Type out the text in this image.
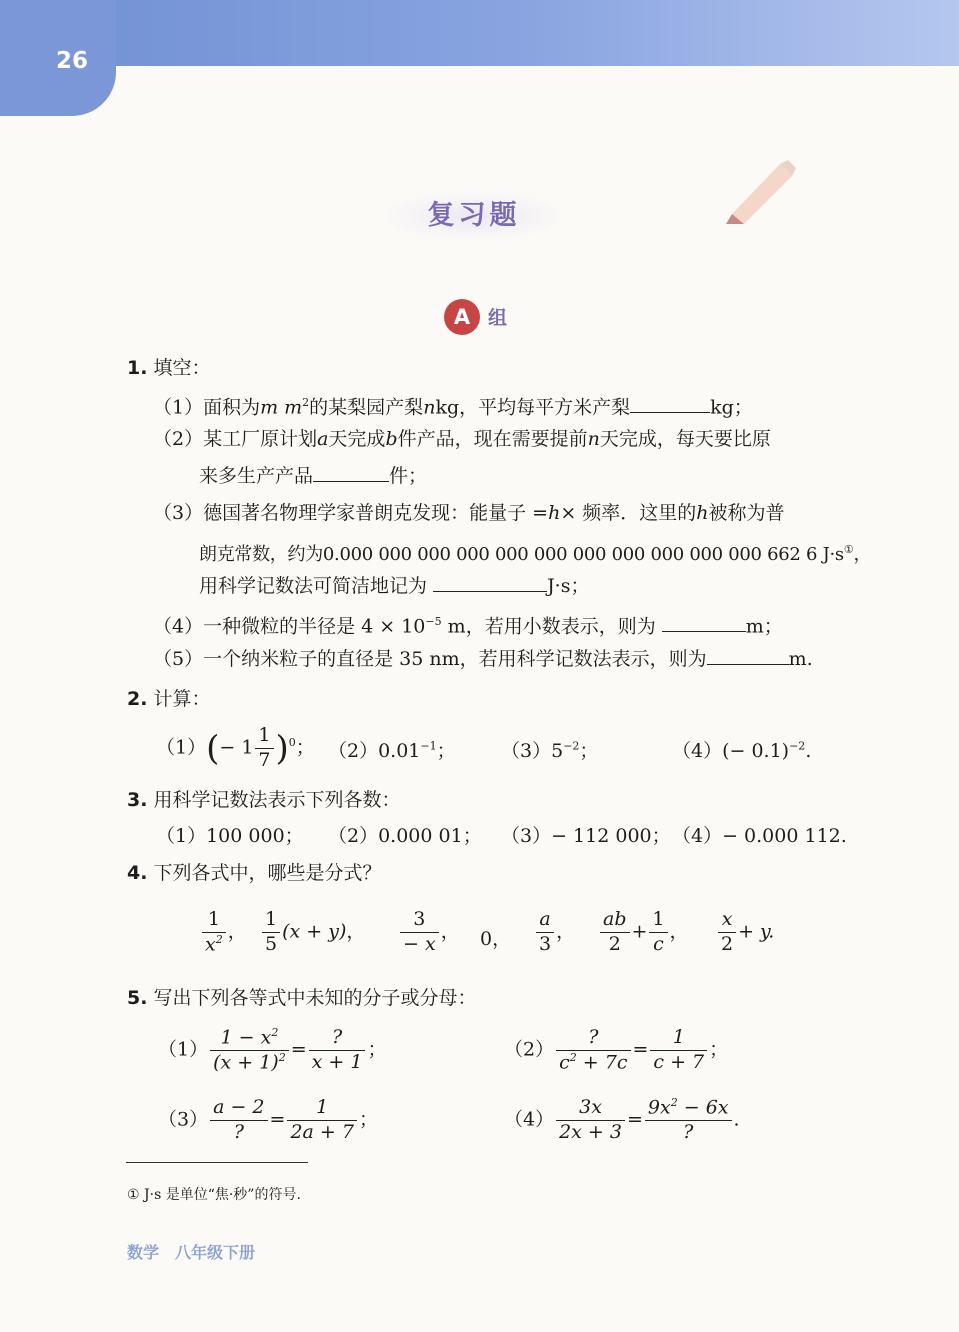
26
复习题
A 组
1. 填空：
（1）面积为m $m^2$的某梨园产梨nkg，平均每平方米产梨	kg；
（2）某工厂原计划a天完成b件产品，现在需要提前n天完成，每天要比原
来多生产产品	件；
（3）德国著名物理学家普朗克发现：能量子 =h× 频率．这里的h被称为普
朗克常数，约为0.000 000 000 000 000 000 000 000 000 000 000 662 6 J·s①，
用科学记数法可简洁地记为	J·s；
（4）一种微粒的半径是 $4 \times 10^{-5}$ m，若用小数表示，则为	m；
（5）一个纳米粒子的直径是 35 nm，若用科学记数法表示，则为	m.
2. 计算：
$(1)(- 1 \frac{1}{7} )^0$； $(2)0.01^{-1}$； $(3)5^{-2}$；	$(4)(- 0.1)^{-2}$.
3. 用科学记数法表示下列各数：
（1）100 000； （2）0.000 01； （3）− 112 000； （4）− 0.000 112.
4. 下列各式中，哪些是分式？
$\frac{1}{x^2}$ ， $\frac{1}{5} (x + y)$， $\frac{3}{- x}$ ， 0， $\frac{a}{3}$ ， $\frac{ab}{2} + \frac{1}{c}$ ， $\frac{x}{2} + y$.
5. 写出下列各等式中未知的分子或分母：
$(1) \frac{1 - x^2}{(x + 1)^2}$ =
?
x + 1
；	（2）
?
$c^2 + 7c$
= $\frac{1}{c + 7}$ ；
（3）
a − 2
?
= $\frac{1}{2a + 7}$ ；	$(4) \frac{3x}{2x + 3}$ =
$9x^2 - 6x$
?
.
① J·s 是单位“焦·秒”的符号.
数学　八年级下册
